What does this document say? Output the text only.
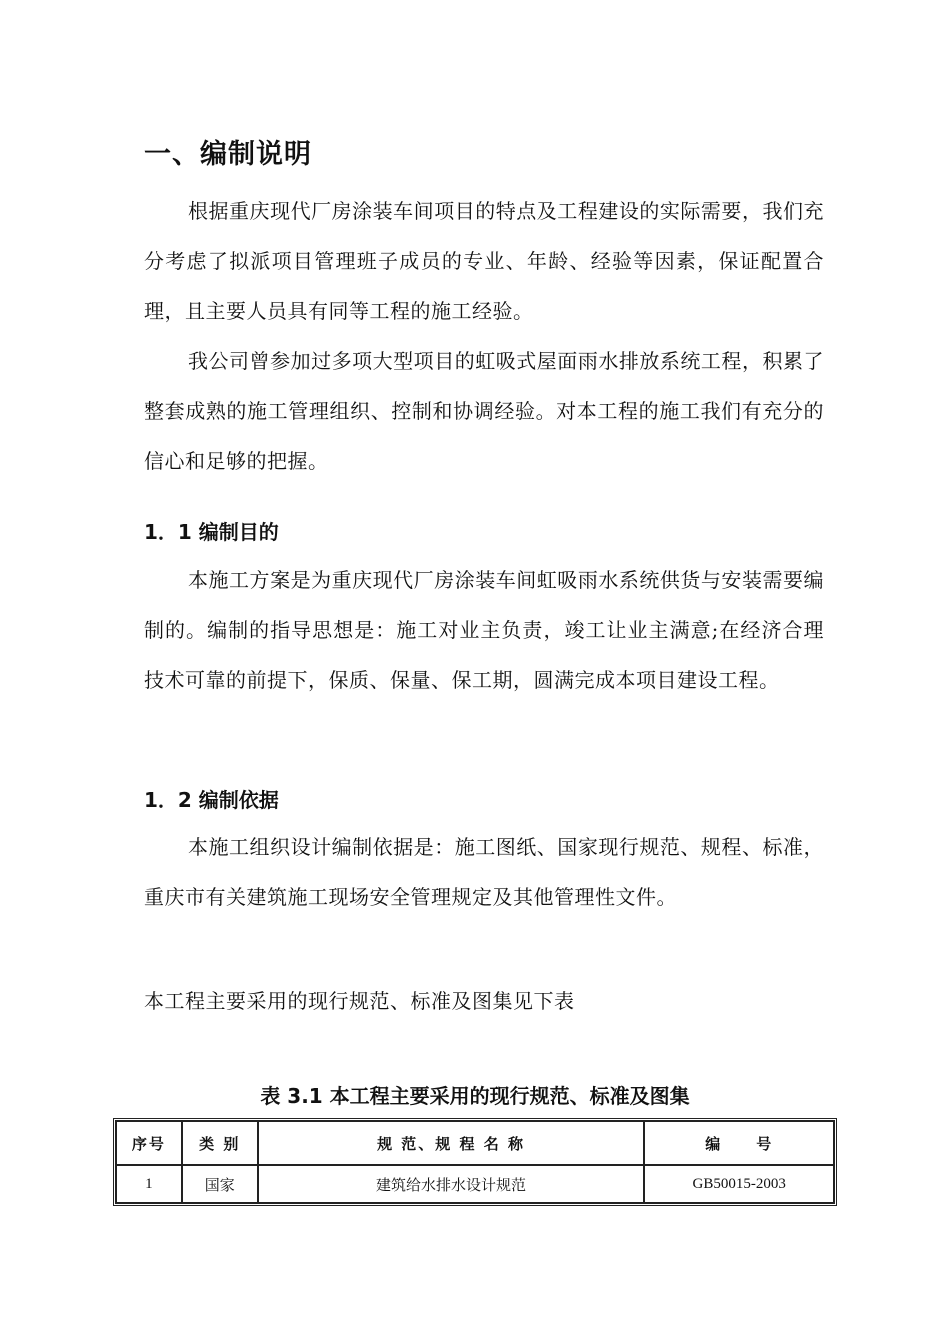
一、编制说明
根据重庆现代厂房涂装车间项目的特点及工程建设的实际需要，我们充分考虑了拟派项目管理班子成员的专业、年龄、经验等因素，保证配置合理，且主要人员具有同等工程的施工经验。
我公司曾参加过多项大型项目的虹吸式屋面雨水排放系统工程，积累了整套成熟的施工管理组织、控制和协调经验。对本工程的施工我们有充分的信心和足够的把握。
1．1 编制目的
本施工方案是为重庆现代厂房涂装车间虹吸雨水系统供货与安装需要编制的。编制的指导思想是：施工对业主负责，竣工让业主满意;在经济合理技术可靠的前提下，保质、保量、保工期，圆满完成本项目建设工程。
1．2 编制依据
本施工组织设计编制依据是：施工图纸、国家现行规范、规程、标准，重庆市有关建筑施工现场安全管理规定及其他管理性文件。
本工程主要采用的现行规范、标准及图集见下表
表 3.1 本工程主要采用的现行规范、标准及图集
序号	类 别	规 范、规 程 名 称	编　　号
1	国家	建筑给水排水设计规范	GB50015-2003
